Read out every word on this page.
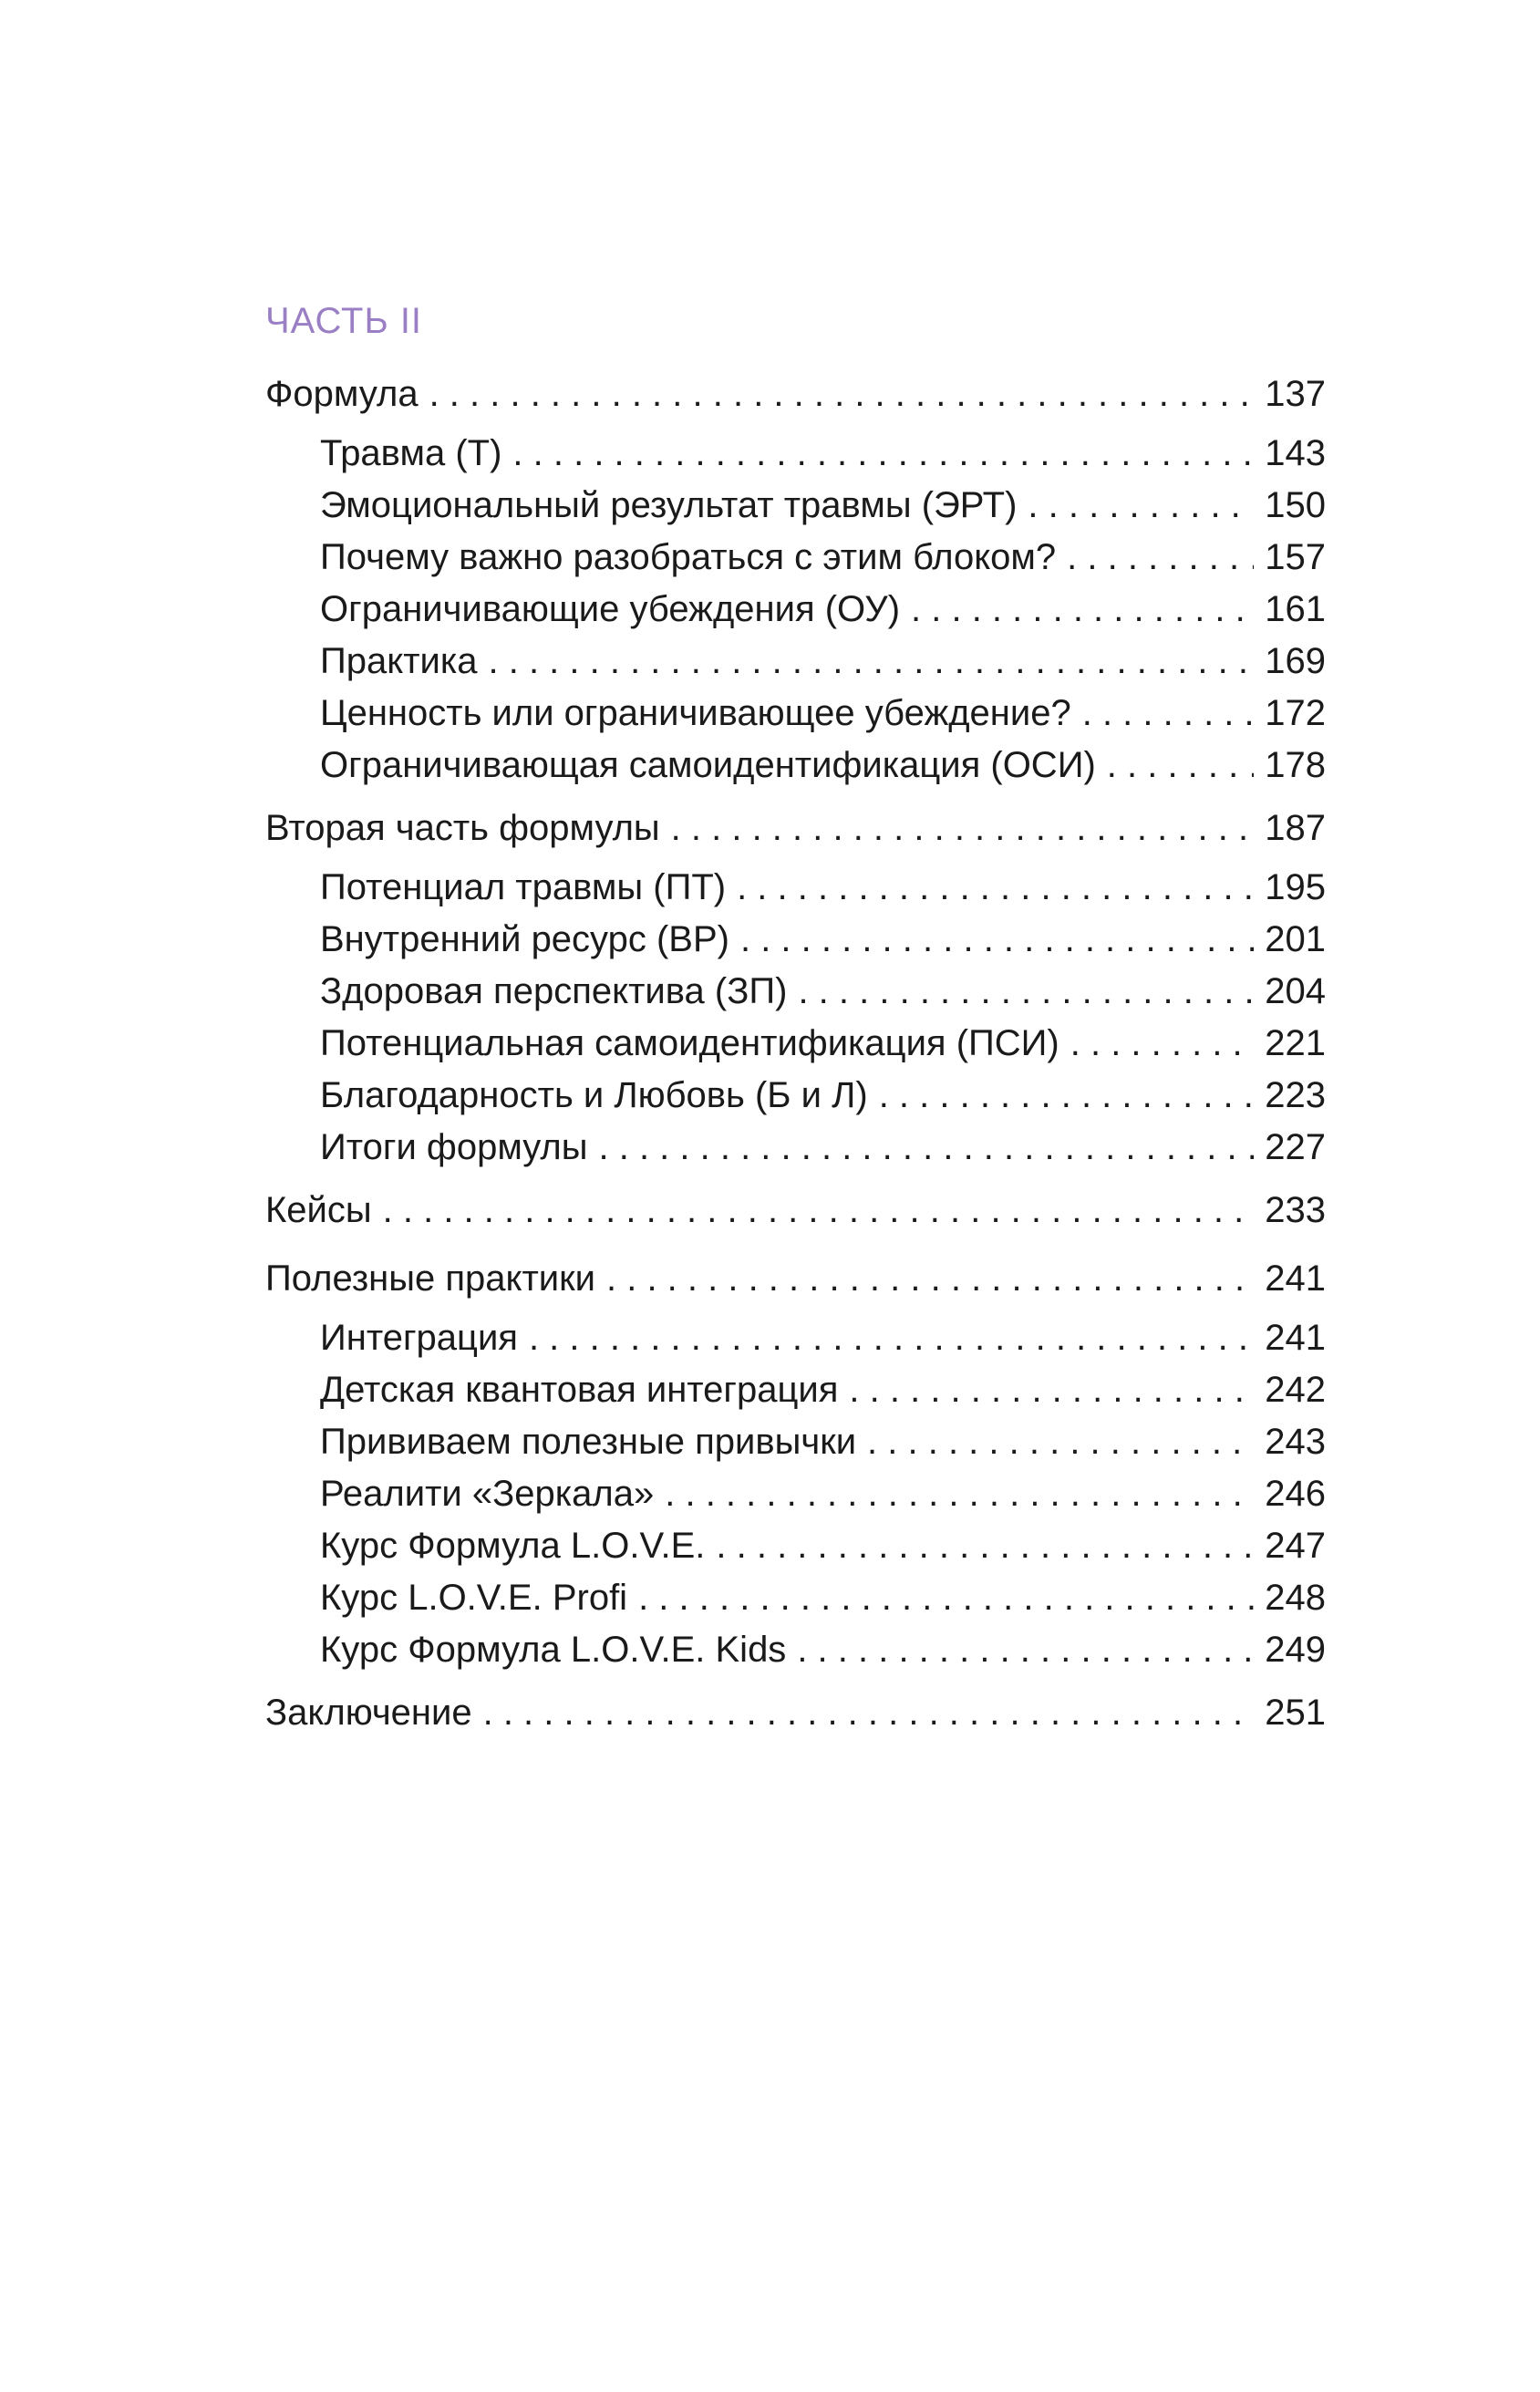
ЧАСТЬ II
Формула . . .	137
Травма (Т) . . .	143
Эмоциональный результат травмы (ЭРТ) . . .	150
Почему важно разобраться с этим блоком? . . .	157
Ограничивающие убеждения (ОУ) . . .	161
Практика . . .	169
Ценность или ограничивающее убеждение? . . .	172
Ограничивающая самоидентификация (ОСИ) . . .	178
Вторая часть формулы . . .	187
Потенциал травмы (ПТ) . . .	195
Внутренний ресурс (ВР) . . .	201
Здоровая перспектива (ЗП) . . .	204
Потенциальная самоидентификация (ПСИ) . . .	221
Благодарность и Любовь (Б и Л) . . .	223
Итоги формулы . . .	227
Кейсы . . .	233
Полезные практики . . .	241
Интеграция . . .	241
Детская квантовая интеграция . . .	242
Прививаем полезные привычки . . .	243
Реалити «Зеркала» . . .	246
Курс Формула L.O.V.E. . . .	247
Курс L.O.V.E. Profi . . .	248
Курс Формула L.O.V.E. Kids . . .	249
Заключение . . .	251
